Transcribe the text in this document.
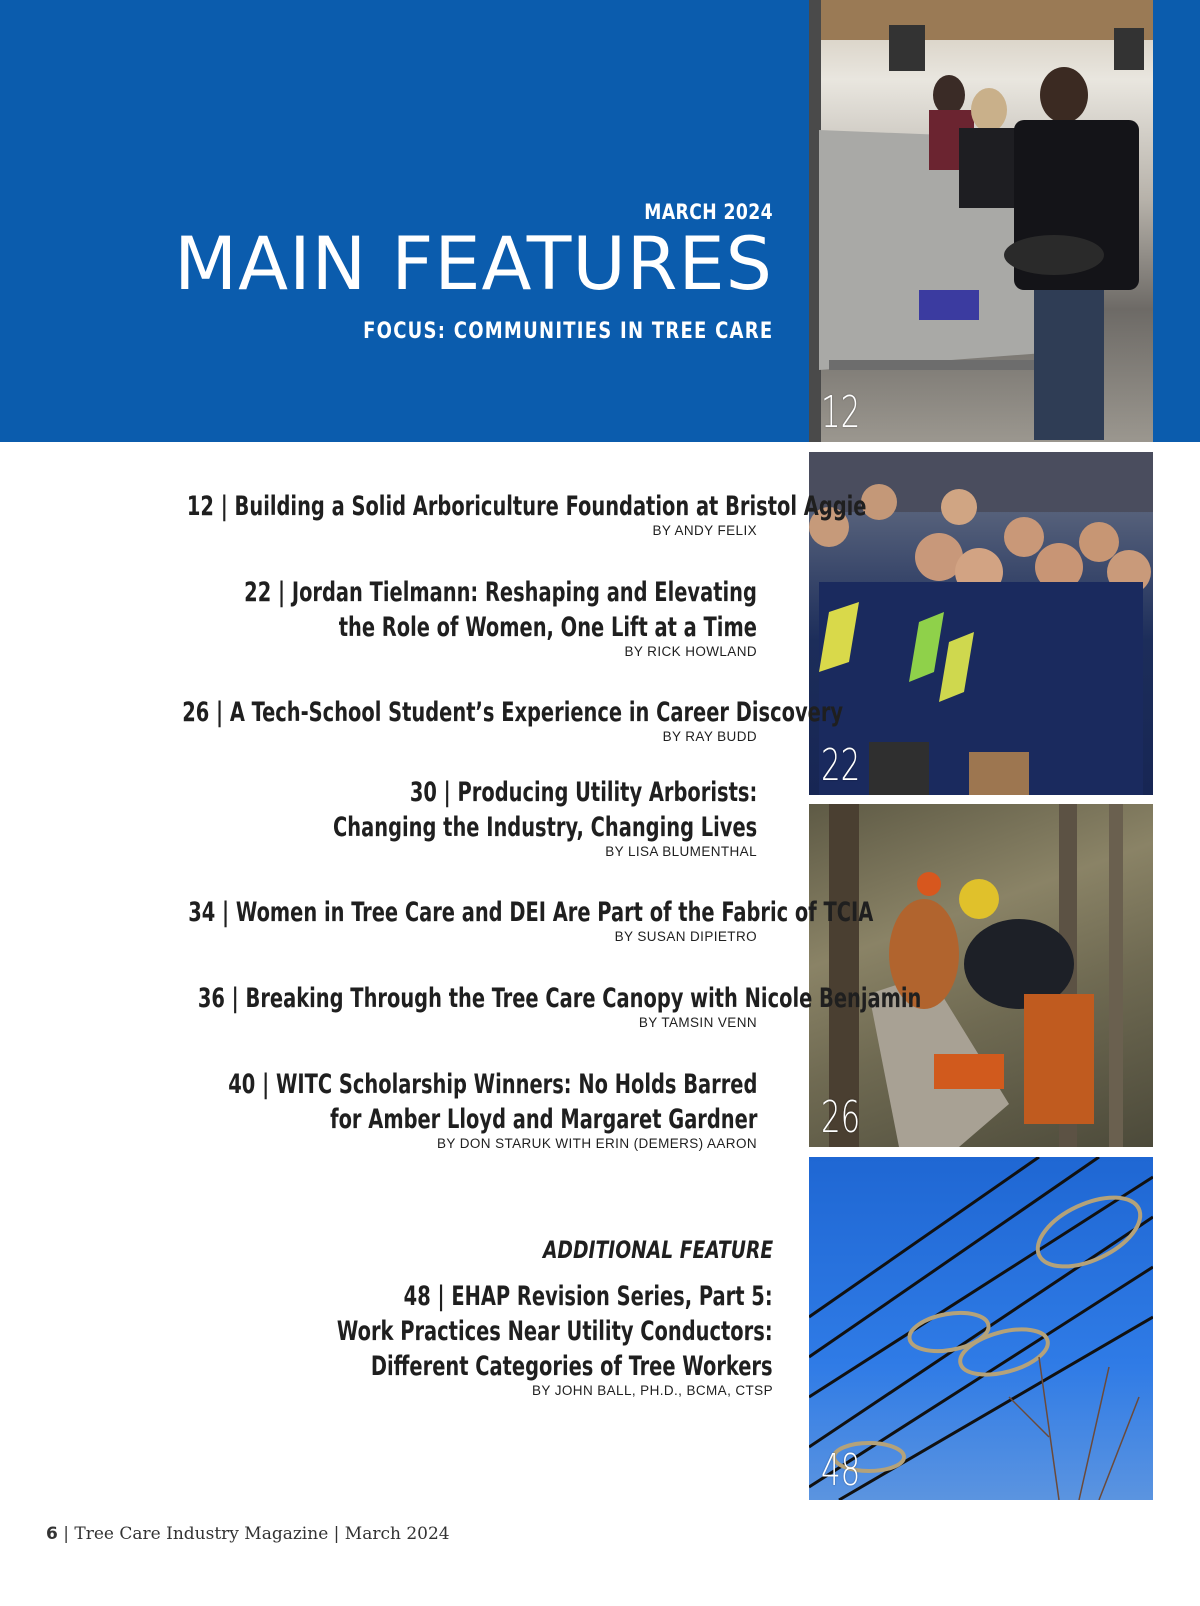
MARCH 2024
MAIN FEATURES
FOCUS: COMMUNITIES IN TREE CARE
12
22
26
48
12 | Building a Solid Arboriculture Foundation at Bristol Aggie
BY ANDY FELIX
22 | Jordan Tielmann: Reshaping and Elevating
the Role of Women, One Lift at a Time
BY RICK HOWLAND
26 | A Tech-School Student’s Experience in Career Discovery
BY RAY BUDD
30 | Producing Utility Arborists:
Changing the Industry, Changing Lives
BY LISA BLUMENTHAL
34 | Women in Tree Care and DEI Are Part of the Fabric of TCIA
BY SUSAN DIPIETRO
36 | Breaking Through the Tree Care Canopy with Nicole Benjamin
BY TAMSIN VENN
40 | WITC Scholarship Winners: No Holds Barred
for Amber Lloyd and Margaret Gardner
BY DON STARUK WITH ERIN (DEMERS) AARON
ADDITIONAL FEATURE
48 | EHAP Revision Series, Part 5:
Work Practices Near Utility Conductors:
Different Categories of Tree Workers
BY JOHN BALL, PH.D., BCMA, CTSP
6 | Tree Care Industry Magazine | March 2024
